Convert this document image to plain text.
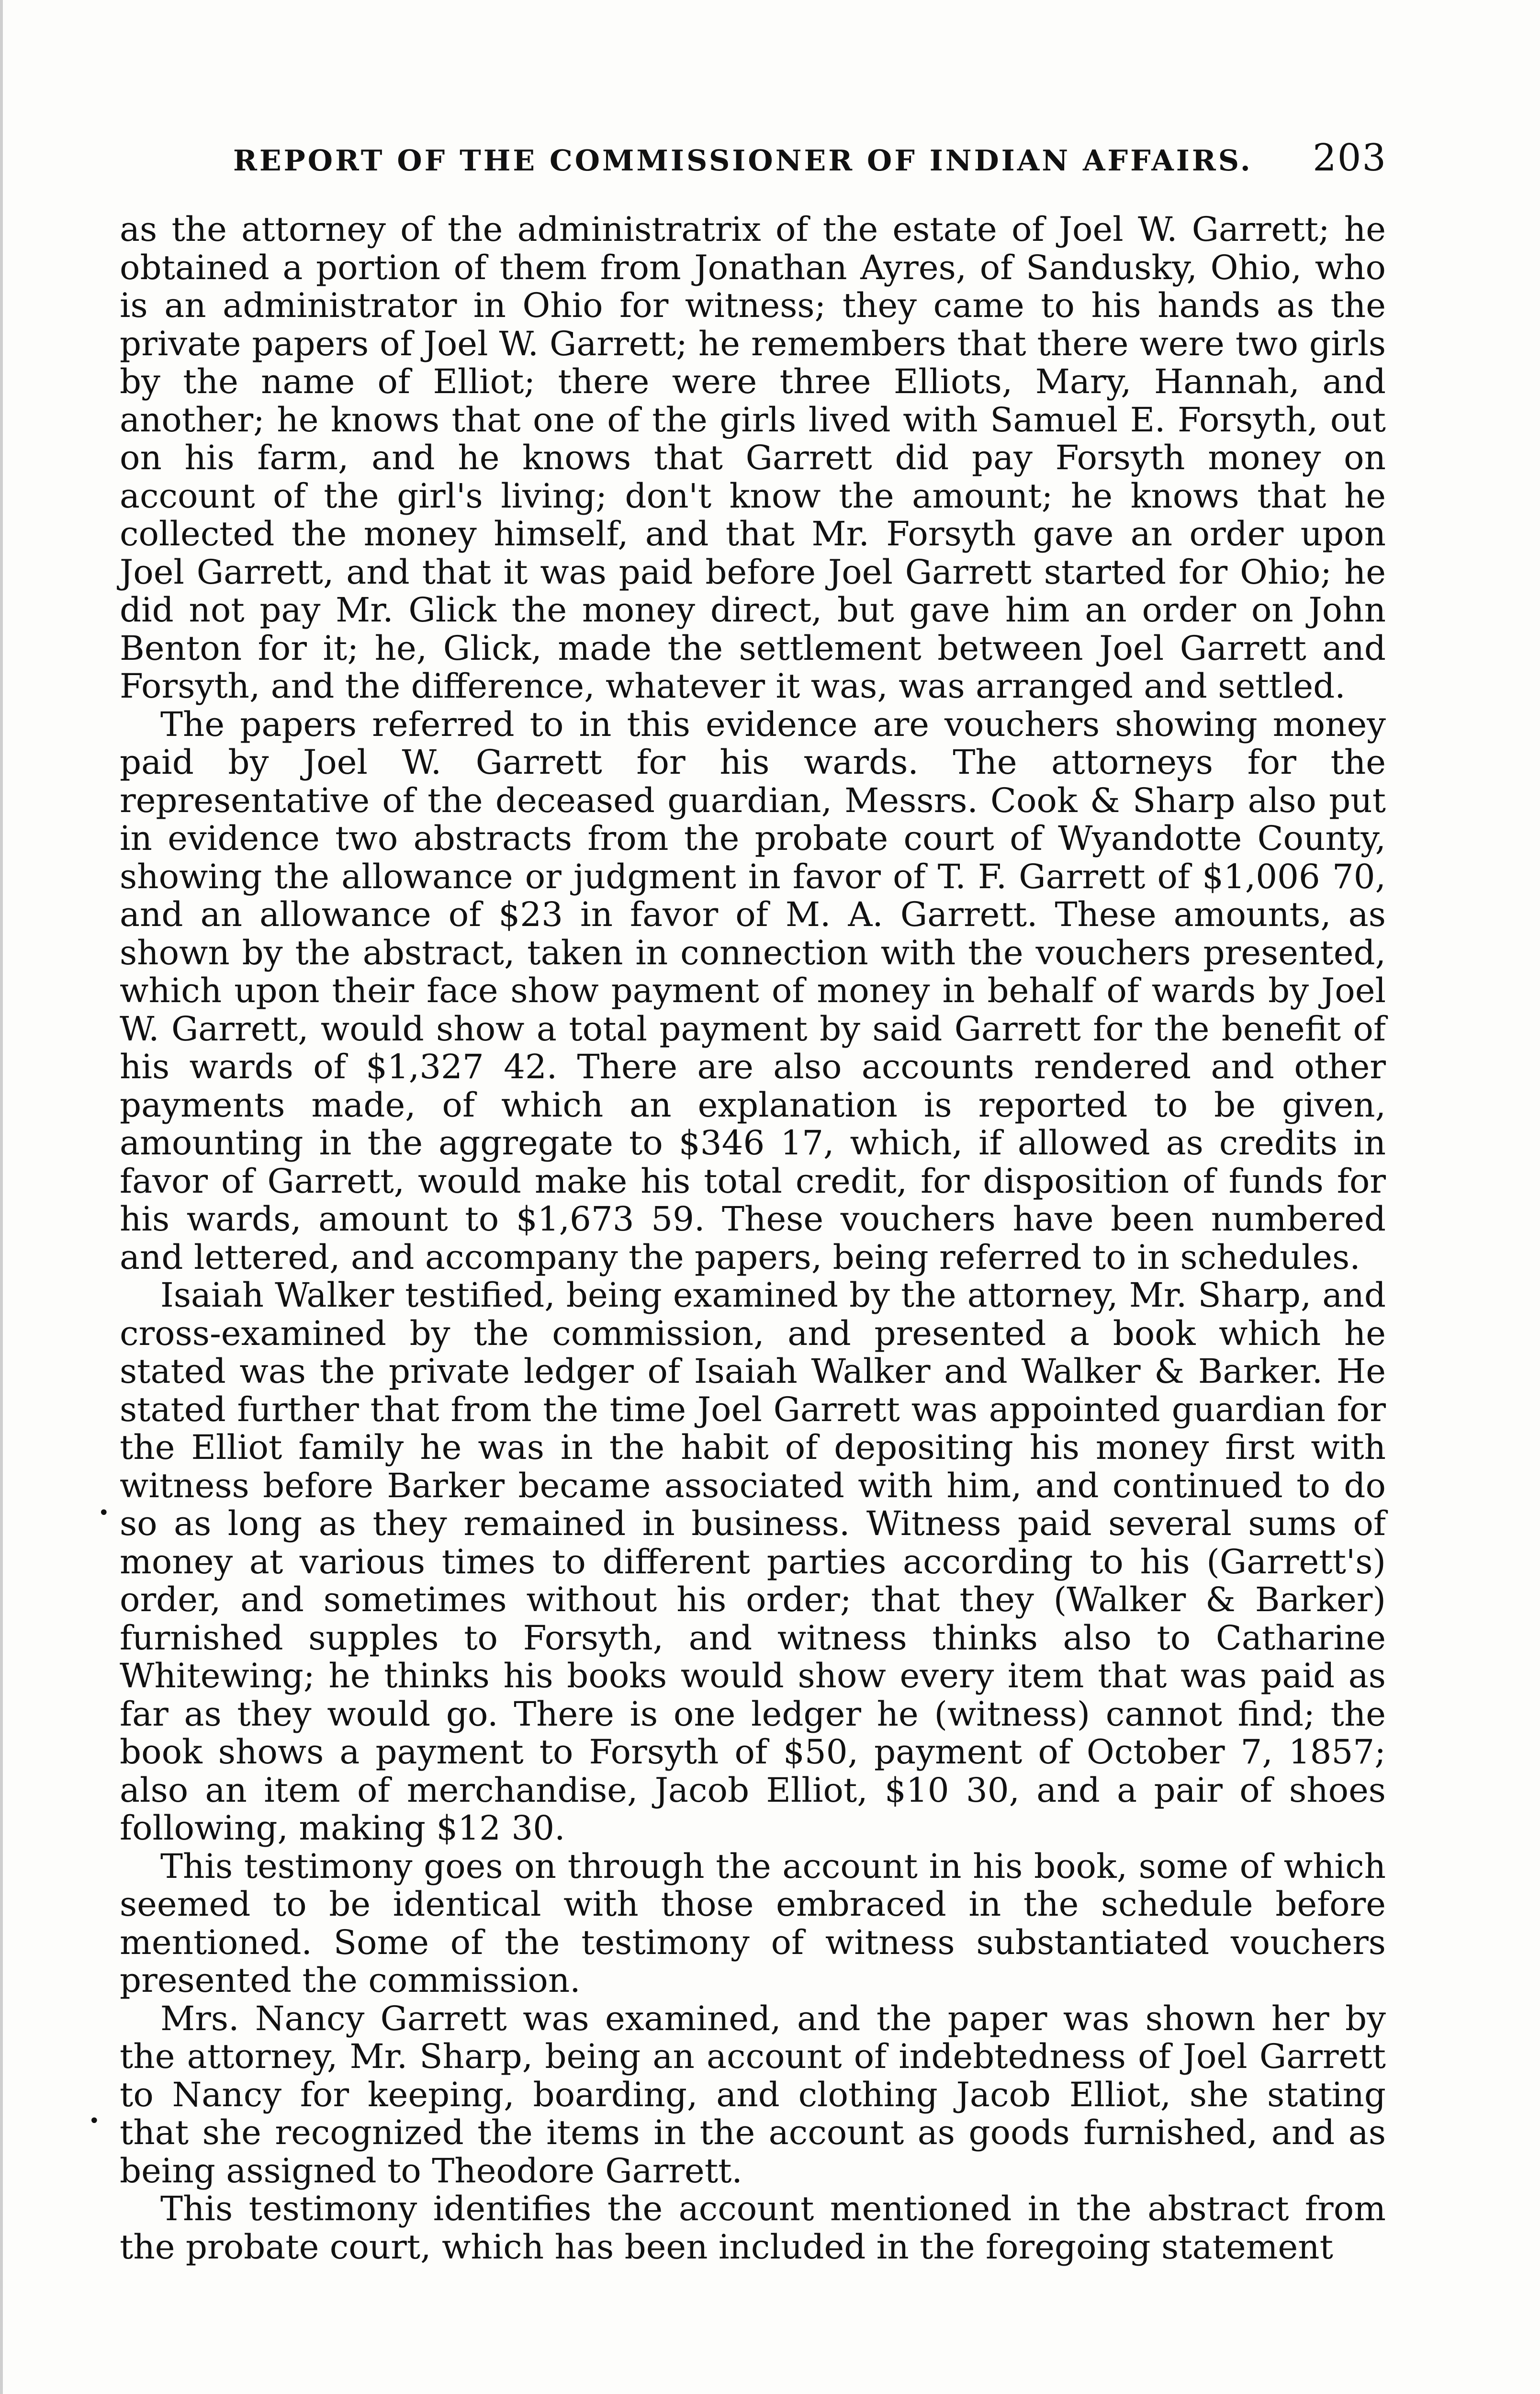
REPORT OF THE COMMISSIONER OF INDIAN AFFAIRS. 203
•
•

as the attorney of the administratrix of the estate of Joel W. Garrett; he obtained a portion of them from Jonathan Ayres, of Sandusky, Ohio, who is an administrator in Ohio for witness; they came to his hands as the private papers of Joel W. Garrett; he remembers that there were two girls by the name of Elliot; there were three Elliots, Mary, Hannah, and another; he knows that one of the girls lived with Samuel E. Forsyth, out on his farm, and he knows that Garrett did pay Forsyth money on account of the girl's living; don't know the amount; he knows that he collected the money himself, and that Mr. Forsyth gave an order upon Joel Garrett, and that it was paid before Joel Garrett started for Ohio; he did not pay Mr. Glick the money direct, but gave him an order on John Benton for it; he, Glick, made the settlement between Joel Garrett and Forsyth, and the difference, whatever it was, was arranged and settled.

The papers referred to in this evidence are vouchers showing money paid by Joel W. Garrett for his wards. The attorneys for the representative of the deceased guardian, Messrs. Cook & Sharp also put in evidence two abstracts from the probate court of Wyandotte County, showing the allowance or judgment in favor of T. F. Garrett of $1,006 70, and an allowance of $23 in favor of M. A. Garrett. These amounts, as shown by the abstract, taken in connection with the vouchers presented, which upon their face show payment of money in behalf of wards by Joel W. Garrett, would show a total payment by said Garrett for the benefit of his wards of $1,327 42. There are also accounts rendered and other payments made, of which an explanation is reported to be given, amounting in the aggregate to $346 17, which, if allowed as credits in favor of Garrett, would make his total credit, for disposition of funds for his wards, amount to $1,673 59. These vouchers have been numbered and lettered, and accompany the papers, being referred to in schedules.

Isaiah Walker testified, being examined by the attorney, Mr. Sharp, and cross-examined by the commission, and presented a book which he stated was the private ledger of Isaiah Walker and Walker & Barker. He stated further that from the time Joel Garrett was appointed guardian for the Elliot family he was in the habit of depositing his money first with witness before Barker became associated with him, and continued to do so as long as they remained in business. Witness paid several sums of money at various times to different parties according to his (Garrett's) order, and sometimes without his order; that they (Walker & Barker) furnished supples to Forsyth, and witness thinks also to Catharine Whitewing; he thinks his books would show every item that was paid as far as they would go. There is one ledger he (witness) cannot find; the book shows a payment to Forsyth of $50, payment of October 7, 1857; also an item of merchandise, Jacob Elliot, $10 30, and a pair of shoes following, making $12 30.

This testimony goes on through the account in his book, some of which seemed to be identical with those embraced in the schedule before mentioned. Some of the testimony of witness substantiated vouchers presented the commission.

Mrs. Nancy Garrett was examined, and the paper was shown her by the attorney, Mr. Sharp, being an account of indebtedness of Joel Garrett to Nancy for keeping, boarding, and clothing Jacob Elliot, she stating that she recognized the items in the account as goods furnished, and as being assigned to Theodore Garrett.

This testimony identifies the account mentioned in the abstract from the probate court, which has been included in the foregoing statement
